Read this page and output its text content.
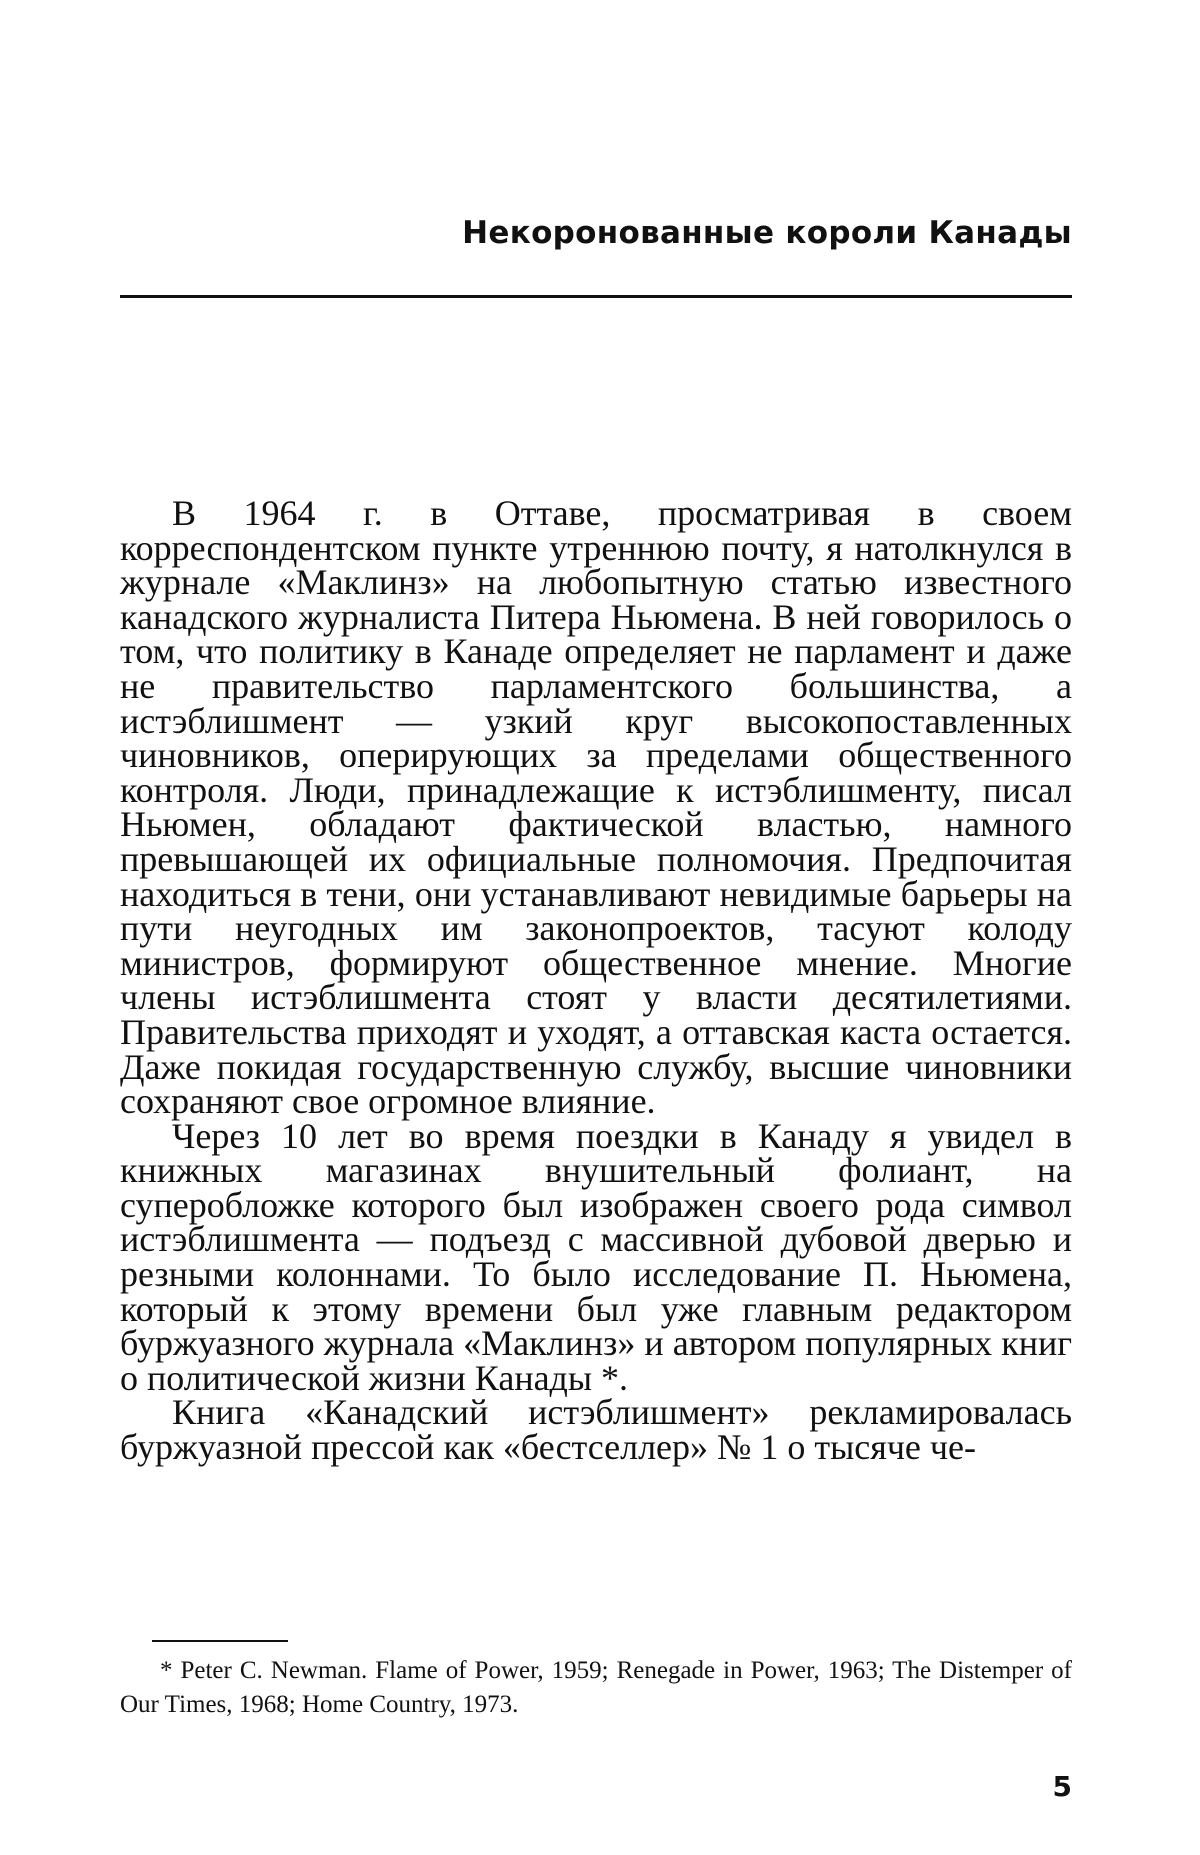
Некоронованные короли Канады

В 1964 г. в Оттаве, просматривая в своем корреспондентском пункте утреннюю почту, я натолкнулся в журнале «Маклинз» на любопытную статью известного канадского журналиста Питера Ньюмена. В ней говорилось о том, что политику в Канаде определяет не парламент и даже не правительство парламентского большинства, а истэблишмент — узкий круг высокопоставленных чиновников, оперирующих за пределами общественного контроля. Люди, принадлежащие к истэблишменту, писал Ньюмен, обладают фактической властью, намного превышающей их официальные полномочия. Предпочитая находиться в тени, они устанавливают невидимые барьеры на пути неугодных им законопроектов, тасуют колоду министров, формируют общественное мнение. Многие члены истэблишмента стоят у власти десятилетиями. Правительства приходят и уходят, а оттавская каста остается. Даже покидая государственную службу, высшие чиновники сохраняют свое огромное влияние.

Через 10 лет во время поездки в Канаду я увидел в книжных магазинах внушительный фолиант, на суперобложке которого был изображен своего рода символ истэблишмента — подъезд с массивной дубовой дверью и резными колоннами. То было исследование П. Ньюмена, который к этому времени был уже главным редактором буржуазного журнала «Маклинз» и автором популярных книг о политической жизни Канады *.

Книга «Канадский истэблишмент» рекламировалась буржуазной прессой как «бестселлер» № 1 о тысяче че-

* Peter C. Newman. Flame of Power, 1959; Renegade in Power, 1963; The Distemper of Our Times, 1968; Home Country, 1973.
5
